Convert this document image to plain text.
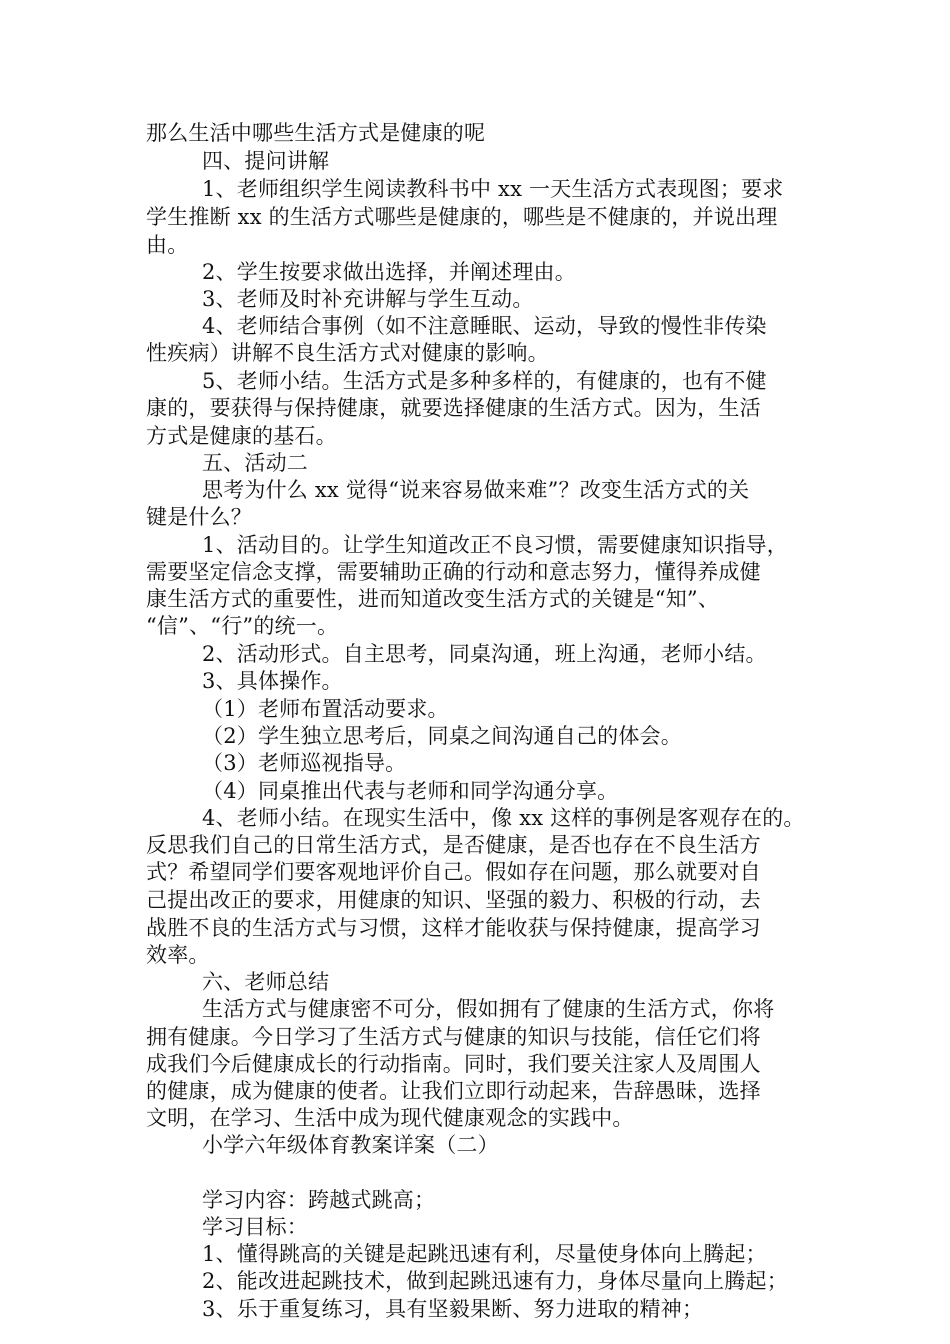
那么生活中哪些生活方式是健康的呢
四、提问讲解
1、老师组织学生阅读教科书中 xx 一天生活方式表现图；要求
学生推断 xx 的生活方式哪些是健康的，哪些是不健康的，并说出理
由。
2、学生按要求做出选择，并阐述理由。
3、老师及时补充讲解与学生互动。
4、老师结合事例（如不注意睡眠、运动，导致的慢性非传染
性疾病）讲解不良生活方式对健康的影响。
5、老师小结。生活方式是多种多样的，有健康的，也有不健
康的，要获得与保持健康，就要选择健康的生活方式。因为，生活
方式是健康的基石。
五、活动二
思考为什么 xx 觉得“说来容易做来难”？改变生活方式的关
键是什么？
1、活动目的。让学生知道改正不良习惯，需要健康知识指导，
需要坚定信念支撑，需要辅助正确的行动和意志努力，懂得养成健
康生活方式的重要性，进而知道改变生活方式的关键是“知”、
“信”、“行”的统一。
2、活动形式。自主思考，同桌沟通，班上沟通，老师小结。
3、具体操作。
（1）老师布置活动要求。
（2）学生独立思考后，同桌之间沟通自己的体会。
（3）老师巡视指导。
（4）同桌推出代表与老师和同学沟通分享。
4、老师小结。在现实生活中，像 xx 这样的事例是客观存在的。
反思我们自己的日常生活方式，是否健康，是否也存在不良生活方
式？希望同学们要客观地评价自己。假如存在问题，那么就要对自
己提出改正的要求，用健康的知识、坚强的毅力、积极的行动，去
战胜不良的生活方式与习惯，这样才能收获与保持健康，提高学习
效率。
六、老师总结
生活方式与健康密不可分，假如拥有了健康的生活方式，你将
拥有健康。今日学习了生活方式与健康的知识与技能，信任它们将
成我们今后健康成长的行动指南。同时，我们要关注家人及周围人
的健康，成为健康的使者。让我们立即行动起来，告辞愚昧，选择
文明，在学习、生活中成为现代健康观念的实践中。
小学六年级体育教案详案（二）
学习内容：跨越式跳高；
学习目标：
1、懂得跳高的关键是起跳迅速有利，尽量使身体向上腾起；
2、能改进起跳技术，做到起跳迅速有力，身体尽量向上腾起；
3、乐于重复练习，具有坚毅果断、努力进取的精神；
